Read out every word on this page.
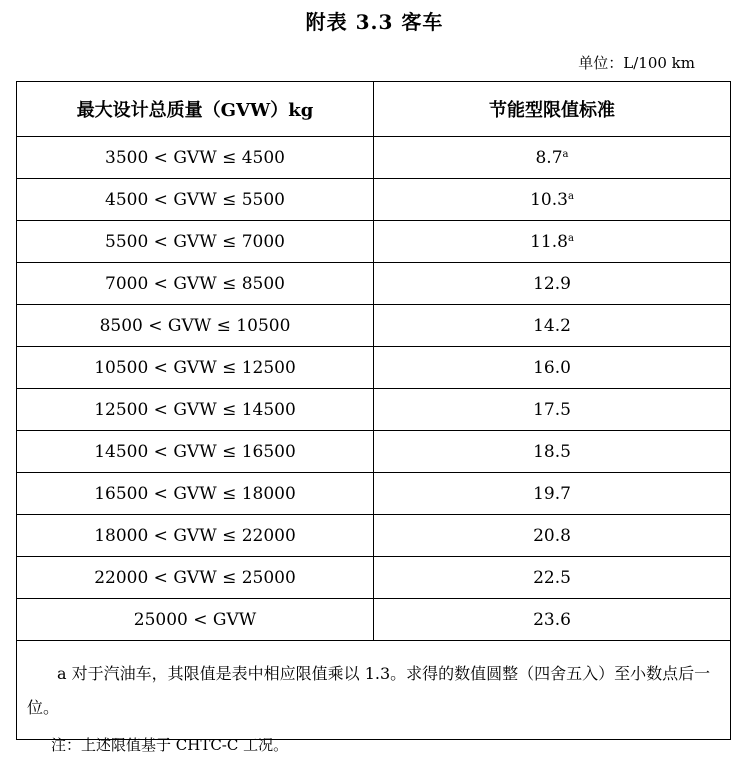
附表 3.3 客车
单位：L/100 km
最大设计总质量（GVW）kg	节能型限值标准
3500 < GVW ≤ 4500	8.7$^a$
4500 < GVW ≤ 5500	10.3$^a$
5500 < GVW ≤ 7000	11.8$^a$
7000 < GVW ≤ 8500	12.9
8500 < GVW ≤ 10500	14.2
10500 < GVW ≤ 12500	16.0
12500 < GVW ≤ 14500	17.5
14500 < GVW ≤ 16500	18.5
16500 < GVW ≤ 18000	19.7
18000 < GVW ≤ 22000	20.8
22000 < GVW ≤ 25000	22.5
25000 < GVW	23.6
a 对于汽油车，其限值是表中相应限值乘以 1.3。求得的数值圆整（四舍五入）至小数点后一位。	
注：上述限值基于 CHTC-C 工况。
